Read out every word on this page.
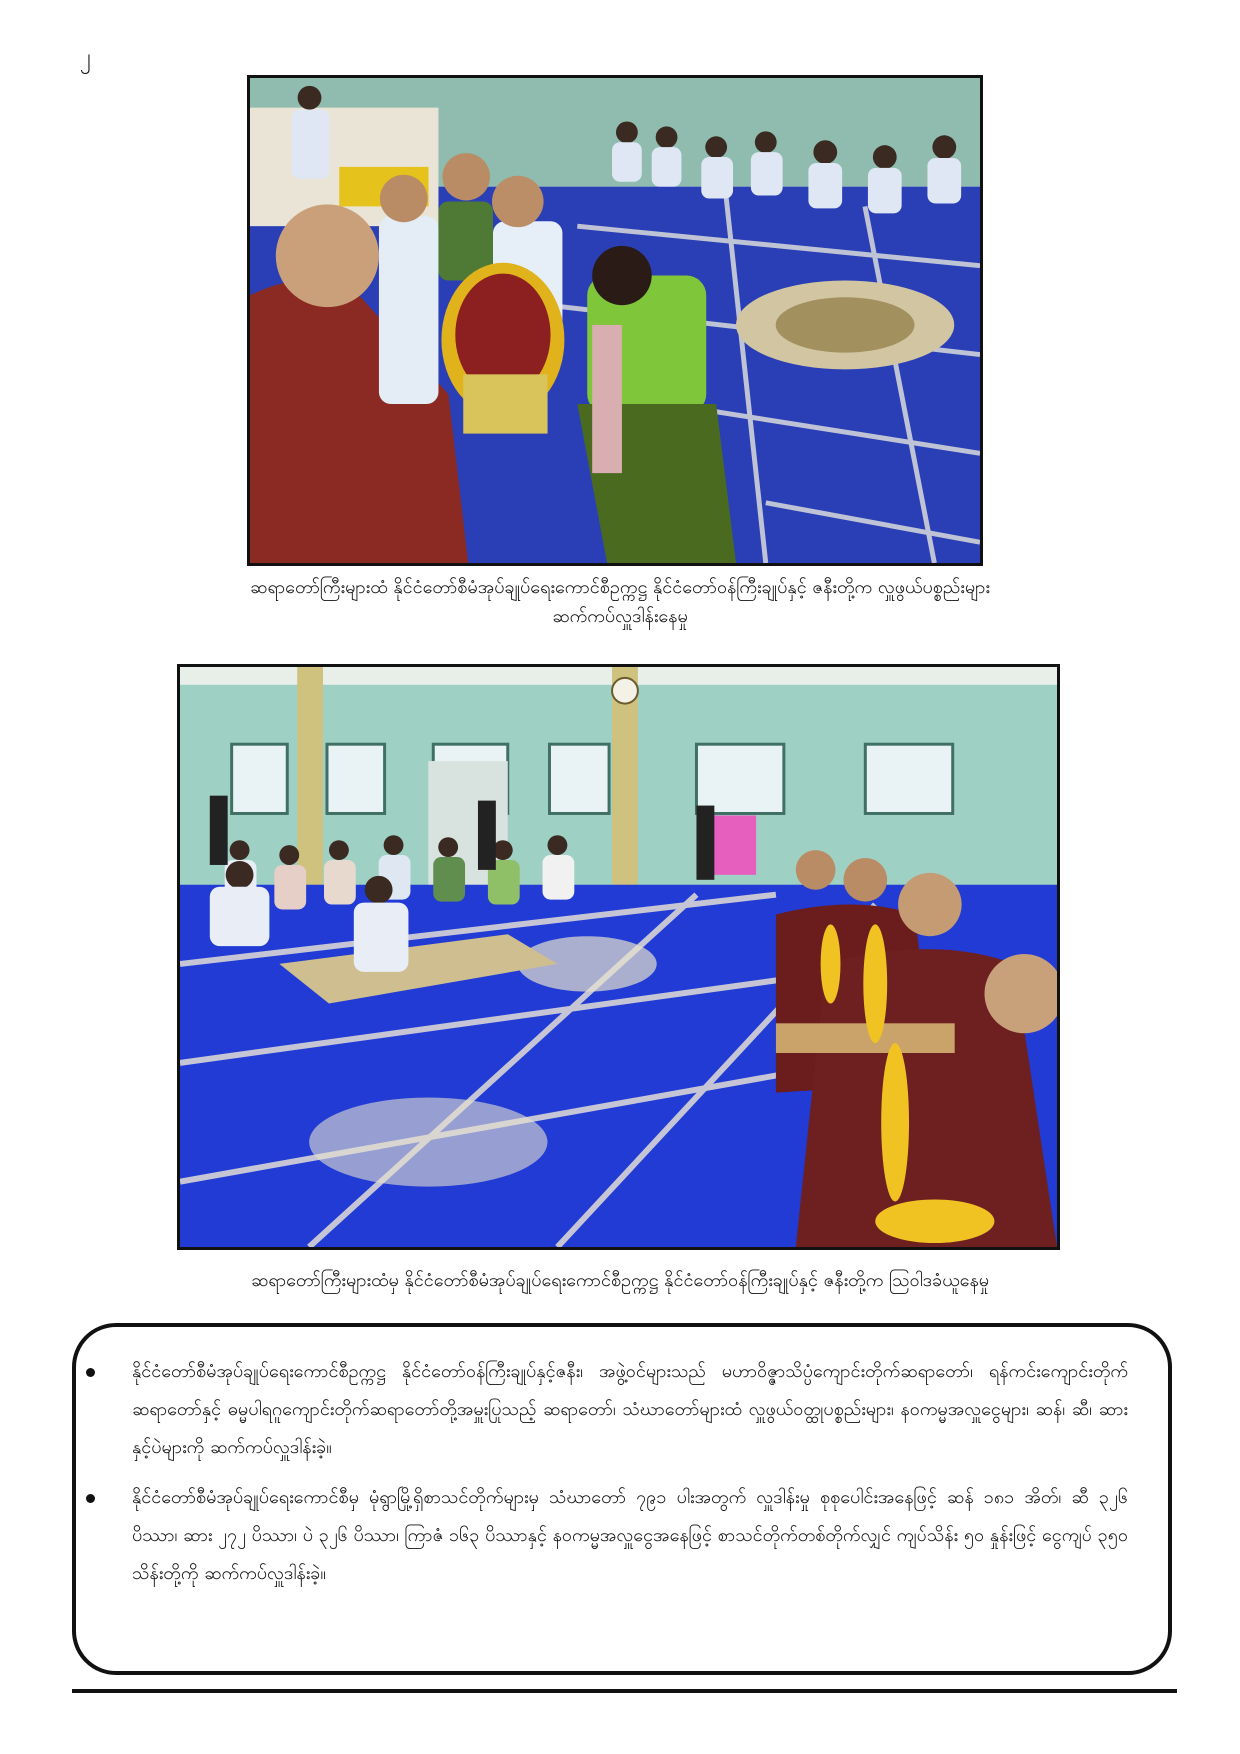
၂
ဆရာတော်ကြီးများထံ နိုင်ငံတော်စီမံအုပ်ချုပ်ရေးကောင်စီဥက္ကဋ္ဌ နိုင်ငံတော်ဝန်ကြီးချုပ်နှင့် ဇနီးတို့က လှူဖွယ်ပစ္စည်းများ
ဆက်ကပ်လှူဒါန်းနေမှု
ဆရာတော်ကြီးများထံမှ နိုင်ငံတော်စီမံအုပ်ချုပ်ရေးကောင်စီဥက္ကဋ္ဌ နိုင်ငံတော်ဝန်ကြီးချုပ်နှင့် ဇနီးတို့က ဩဝါဒခံယူနေမှု
နိုင်ငံတော်စီမံအုပ်ချုပ်ရေးကောင်စီဥက္ကဋ္ဌ နိုင်ငံတော်ဝန်ကြီးချုပ်နှင့်ဇနီး၊ အဖွဲ့ဝင်များသည် မဟာဝိဇ္ဇာသိပ္ပံကျောင်းတိုက်ဆရာတော်၊ ရန်ကင်းကျောင်းတိုက်ဆရာတော်နှင့် ဓမ္မပါရဂူကျောင်းတိုက်ဆရာတော်တို့အမှူးပြုသည့် ဆရာတော်၊ သံဃာတော်များထံ လှူဖွယ်ဝတ္ထုပစ္စည်းများ၊ နဝကမ္မအလှူငွေများ၊ ဆန်၊ ဆီ၊ ဆားနှင့်ပဲများကို ဆက်ကပ်လှူဒါန်းခဲ့။
နိုင်ငံတော်စီမံအုပ်ချုပ်ရေးကောင်စီမှ မုံရွာမြို့ရှိစာသင်တိုက်များမှ သံဃာတော် ၇၉၁ ပါးအတွက် လှူဒါန်းမှု စုစုပေါင်းအနေဖြင့် ဆန် ၁၈၁ အိတ်၊ ဆီ ၃၂၆ ပိဿာ၊ ဆား ၂၇၂ ပိဿာ၊ ပဲ ၃၂၆ ပိဿာ၊ ကြာဇံ ၁၆၃ ပိဿာနှင့် နဝကမ္မအလှူငွေအနေဖြင့် စာသင်တိုက်တစ်တိုက်လျှင် ကျပ်သိန်း ၅၀ နှုန်းဖြင့် ငွေကျပ် ၃၅၀ သိန်းတို့ကို ဆက်ကပ်လှူဒါန်းခဲ့။
